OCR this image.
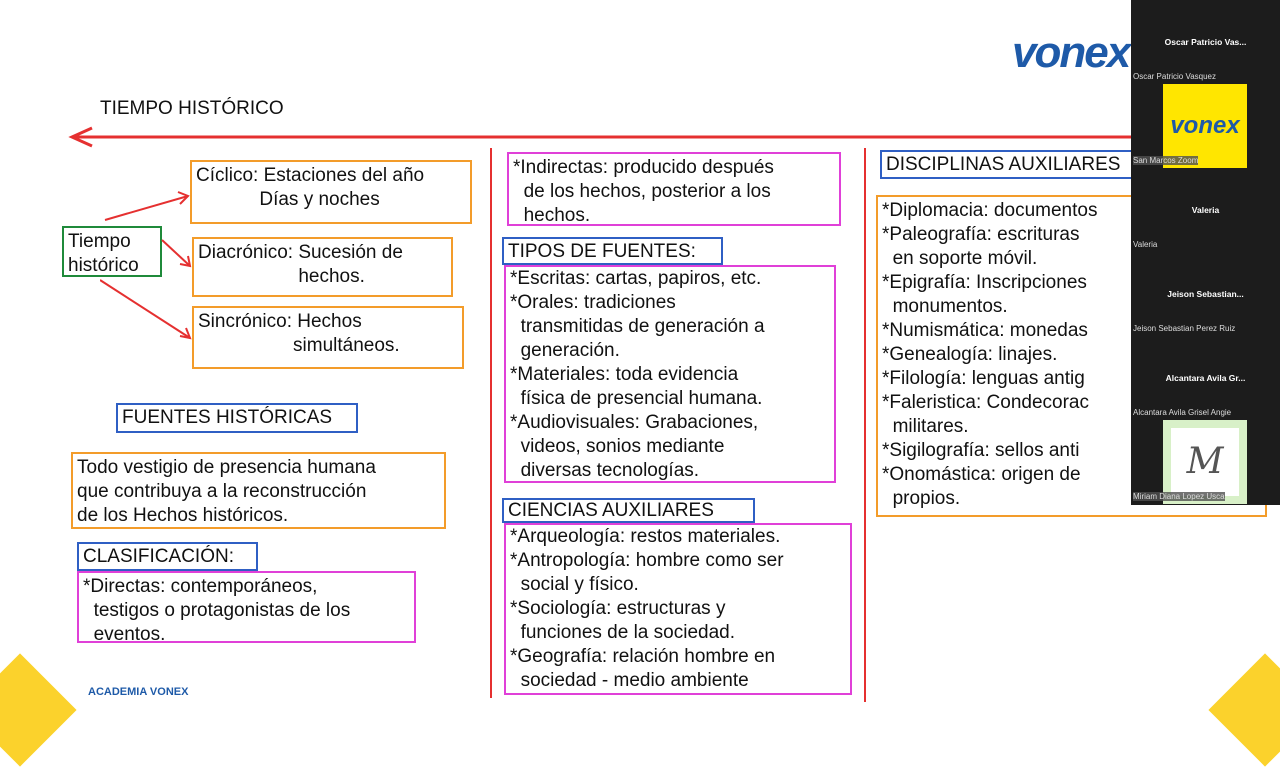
vonex
TIEMPO HISTÓRICO
Tiempo
histórico
Cíclico: Estaciones del año
Días y noches
Diacrónico: Sucesión de
hechos.
Sincrónico: Hechos
simultáneos.
FUENTES HISTÓRICAS
Todo vestigio de presencia humana
que contribuya a la reconstrucción
de los Hechos históricos.
CLASIFICACIÓN:
*Directas: contemporáneos,
testigos o protagonistas de los
eventos.
*Indirectas: producido después
de los hechos, posterior a los
hechos.
TIPOS DE FUENTES:
*Escritas: cartas, papiros, etc.
*Orales: tradiciones
transmitidas de generación a
generación.
*Materiales: toda evidencia
física de presencial humana.
*Audiovisuales: Grabaciones,
videos, sonios mediante
diversas tecnologías.
CIENCIAS AUXILIARES
*Arqueología: restos materiales.
*Antropología: hombre como ser
social y físico.
*Sociología: estructuras y
funciones de la sociedad.
*Geografía: relación hombre en
sociedad - medio ambiente
DISCIPLINAS AUXILIARES
*Diplomacia: documentos
*Paleografía: escrituras
en soporte móvil.
*Epigrafía: Inscripciones
monumentos.
*Numismática: monedas
*Genealogía: linajes.
*Filología: lenguas antig
*Faleristica: Condecorac
militares.
*Sigilografía: sellos anti
*Onomástica: origen de
propios.
ACADEMIA VONEX
Oscar Patricio Vas...
Oscar Patricio Vasquez
vonex
San Marcos Zoom
Valeria
Valeria
Jeison Sebastian...
Jeison Sebastian Perez Ruiz
Alcantara Avila Gr...
Alcantara Avila Grisel Angie
M
Miriam Diana Lopez Usca
